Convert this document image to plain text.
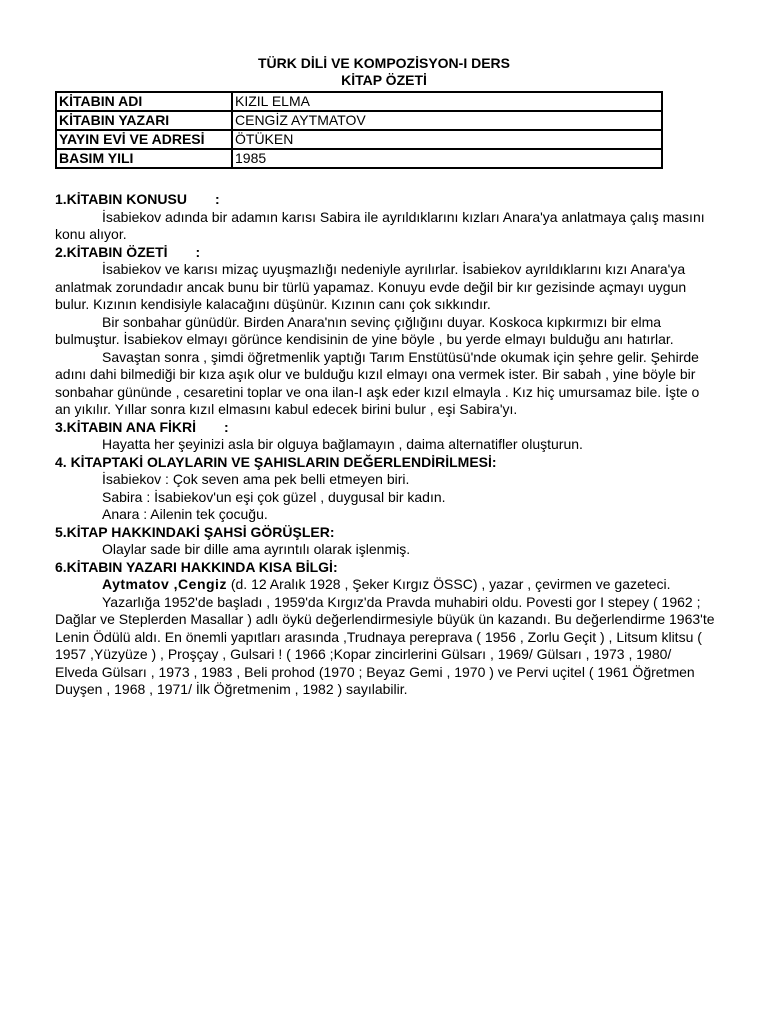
TÜRK DİLİ VE KOMPOZİSYON-I DERS
KİTAP ÖZETİ
KİTABIN ADI	KIZIL ELMA
KİTABIN YAZARI	CENGİZ AYTMATOV
YAYIN EVİ VE ADRESİ	ÖTÜKEN
BASIM YILI	1985

1.KİTABIN KONUSU :

İsabiekov adında bir adamın karısı Sabira ile ayrıldıklarını kızları Anara'ya anlatmaya çalış masını konu alıyor.

2.KİTABIN ÖZETİ :

İsabiekov ve karısı mizaç uyuşmazlığı nedeniyle ayrılırlar. İsabiekov ayrıldıklarını kızı Anara'ya anlatmak zorundadır ancak bunu bir türlü yapamaz. Konuyu evde değil bir kır gezisinde açmayı uygun bulur. Kızının kendisiyle kalacağını düşünür. Kızının canı çok sıkkındır.

Bir sonbahar günüdür. Birden Anara'nın sevinç çığlığını duyar. Koskoca kıpkırmızı bir elma bulmuştur. İsabiekov elmayı görünce kendisinin de yine böyle , bu yerde elmayı bulduğu anı hatırlar.

Savaştan sonra , şimdi öğretmenlik yaptığı Tarım Enstütüsü'nde okumak için şehre gelir. Şehirde adını dahi bilmediği bir kıza aşık olur ve bulduğu kızıl elmayı ona vermek ister. Bir sabah , yine böyle bir sonbahar gününde , cesaretini toplar ve ona ilan-I aşk eder kızıl elmayla . Kız hiç umursamaz bile. İşte o an yıkılır. Yıllar sonra kızıl elmasını kabul edecek birini bulur , eşi Sabira'yı.

3.KİTABIN ANA FİKRİ :

Hayatta her şeyinizi asla bir olguya bağlamayın , daima alternatifler oluşturun.

4. KİTAPTAKİ OLAYLARIN VE ŞAHISLARIN DEĞERLENDİRİLMESİ:

İsabiekov : Çok seven ama pek belli etmeyen biri.

Sabira : İsabiekov'un eşi çok güzel , duygusal bir kadın.

Anara : Ailenin tek çocuğu.

5.KİTAP HAKKINDAKİ ŞAHSİ GÖRÜŞLER:

Olaylar sade bir dille ama ayrıntılı olarak işlenmiş.

6.KİTABIN YAZARI HAKKINDA KISA BİLGİ:

Aytmatov ,Cengiz (d. 12 Aralık 1928 , Şeker Kırgız ÖSSC) , yazar , çevirmen ve gazeteci.

Yazarlığa 1952'de başladı , 1959'da Kırgız'da Pravda muhabiri oldu. Povesti gor I stepey ( 1962 ; Dağlar ve Steplerden Masallar ) adlı öykü değerlendirmesiyle büyük ün kazandı. Bu değerlendirme 1963'te Lenin Ödülü aldı. En önemli yapıtları arasında ,Trudnaya pereprava ( 1956 , Zorlu Geçit ) , Litsum klitsu ( 1957 ,Yüzyüze ) , Proşçay , Gulsari ! ( 1966 ;Kopar zincirlerini Gülsarı , 1969/ Gülsarı , 1973 , 1980/ Elveda Gülsarı , 1973 , 1983 , Beli prohod (1970 ; Beyaz Gemi , 1970 ) ve Pervi uçitel ( 1961 Öğretmen Duyşen , 1968 , 1971/ İlk Öğretmenim , 1982 ) sayılabilir.
